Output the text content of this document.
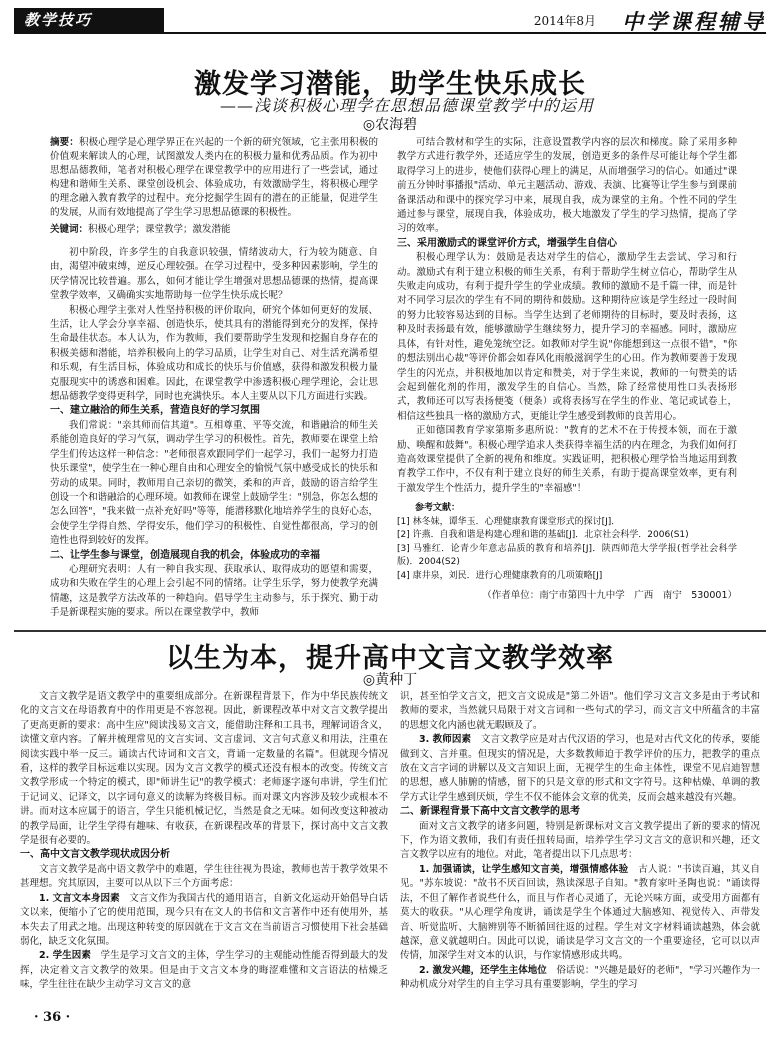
教学技巧	2014年8月 中学课程辅导
激发学习潜能，助学生快乐成长
——浅谈积极心理学在思想品德课堂教学中的运用
◎农海碧
摘要：积极心理学是心理学界正在兴起的一个新的研究领域，它主张用积极的价值观来解读人的心理，试图激发人类内在的积极力量和优秀品质。作为初中思想品德教师，笔者对积极心理学在课堂教学中的应用进行了一些尝试，通过构建和谐师生关系、课堂创设机会、体验成功，有效激励学生，将积极心理学的理念融入教育教学的过程中。充分挖掘学生固有的潜在的正能量，促进学生的发展，从而有效地提高了学生学习思想品德课的积极性。
关键词：积极心理学；课堂教学；激发潜能

初中阶段，许多学生的自我意识较强，情绪波动大，行为较为随意、自由，渴望冲破束缚，逆反心理较强。在学习过程中，受多种因素影响，学生的厌学情况比较普遍。那么，如何才能让学生增强对思想品德课的热情，提高课堂教学效率，又确确实实地帮助每一位学生快乐成长呢？

积极心理学主张对人性坚持积极的评价取向，研究个体如何更好的发展、生活，让人学会分享幸福、创造快乐，使其具有的潜能得到充分的发挥，保持生命最佳状态。本人认为，作为教师，我们要帮助学生发现和挖掘自身存在的积极美德和潜能，培养积极向上的学习品质，让学生对自己、对生活充满希望和乐观，有生活目标，体验成功和成长的快乐与价值感，获得和激发积极力量克服现实中的诱惑和困难。因此，在课堂教学中渗透积极心理学理论，会让思想品德教学变得更科学，同时也充满快乐。本人主要从以下几方面进行实践。

一、建立融洽的师生关系，营造良好的学习氛围

我们常说："亲其师而信其道"。互相尊重、平等交流，和谐融洽的师生关系能创造良好的学习气氛，调动学生学习的积极性。首先，教师要在课堂上给学生们传达这样一种信念："老师很喜欢跟同学们一起学习，我们一起努力打造快乐课堂"，使学生在一种心理自由和心理安全的愉悦气氛中感受成长的快乐和劳动的成果。同时，教师用自己亲切的微笑，柔和的声音，鼓励的语言给学生创设一个和谐融洽的心理环境。如教师在课堂上鼓励学生："别急，你怎么想的怎么回答"，"我来做一点补充好吗"等等，能潜移默化地培养学生的良好心态，会使学生学得自然、学得安乐，他们学习的积极性、自觉性都很高，学习的创造性也得到较好的发挥。

二、让学生参与课堂，创造展现自我的机会，体验成功的幸福

心理研究表明：人有一种自我实现、获取承认、取得成功的愿望和需要，成功和失败在学生的心理上会引起不同的情绪。让学生乐学，努力使教学充满情趣，这是教学方法改革的一种趋向。倡导学生主动参与，乐于探究、勤于动手是新课程实施的要求。所以在课堂教学中，教师

可结合教材和学生的实际，注意设置教学内容的层次和梯度。除了采用多种教学方式进行教学外，还适应学生的发展，创造更多的条件尽可能让每个学生都取得学习上的进步，使他们获得心理上的满足，从而增强学习的信心。如通过"课前五分钟时事播报"活动、单元主题活动、游戏、表演、比赛等让学生参与到课前备课活动和课中的探究学习中来，展现自我，成为课堂的主角。个性不同的学生通过参与课堂，展现自我，体验成功，极大地激发了学生的学习热情，提高了学习的效率。

三、采用激励式的课堂评价方式，增强学生自信心

积极心理学认为：鼓励是表达对学生的信心，激励学生去尝试、学习和行动。激励式有利于建立积极的师生关系，有利于帮助学生树立信心，帮助学生从失败走向成功，有利于提升学生的学业成绩。教师的激励不是千篇一律，而是针对不同学习层次的学生有不同的期待和鼓励。这种期待应该是学生经过一段时间的努力比较容易达到的目标。当学生达到了老师期待的目标时，要及时表扬，这种及时表扬最有效，能够激励学生继续努力，提升学习的幸福感。同时，激励应具体，有针对性，避免笼统空泛。如教师对学生说"你能想到这一点很不错"，"你的想法别出心裁"等评价都会如春风化雨般滋润学生的心田。作为教师要善于发现学生的闪光点，并积极地加以肯定和赞美，对于学生来说，教师的一句赞美的话会起到催化剂的作用，激发学生的自信心。当然，除了经常使用性口头表扬形式，教师还可以写表扬便笺（便条）或将表扬写在学生的作业、笔记或试卷上，相信这些独具一格的激励方式，更能让学生感受到教师的良苦用心。

正如德国教育学家第斯多惠所说："教育的艺术不在于传授本领，而在于激励、唤醒和鼓舞"。积极心理学追求人类获得幸福生活的内在理念，为我们如何打造高效课堂提供了全新的视角和维度。实践证明，把积极心理学恰当地运用到教育教学工作中，不仅有利于建立良好的师生关系，有助于提高课堂效率，更有利于激发学生个性活力，提升学生的"幸福感"！

参考文献：
[1] 林冬妹，谭华玉．心理健康教育课堂形式的探讨[J]．
[2] 许燕．自我和谐是构建心理和谐的基础[J]．北京社会科学．2006(S1)
[3] 马雅红．论青少年意志品质的教育和培养[J]．陕西师范大学学报(哲学社会科学版)．2004(S2)
[4] 康井泉，刘民．进行心理健康教育的几项策略[J]
（作者单位：南宁市第四十九中学　广西　南宁　530001）
以生为本，提升高中文言文教学效率
◎黄种丁

文言文教学是语文教学中的重要组成部分。在新课程背景下，作为中华民族传统文化的文言文在母语教育中的作用更是不容忽视。因此，新课程改革中对文言文教学提出了更高更新的要求：高中生应"阅读浅易文言文，能借助注释和工具书，理解词语含义，读懂文章内容。了解并梳理常见的文言实词、文言虚词、文言句式意义和用法，注重在阅读实践中举一反三。诵读古代诗词和文言文，背诵一定数量的名篇"。但就现今情况看，这样的教学目标远难以实现。因为文言文教学的模式还没有根本的改变。传统文言文教学形成一个特定的模式，即"师讲生记"的教学模式：老师逐字逐句串讲，学生们忙于记词义、记译文，以字词句意义的读解为终极目标。而对课文内容涉及较少或根本不讲。而对这本应属于的语言，学生只能机械记忆，当然是食之无味。如何改变这种被动的教学局面，让学生学得有趣味、有收获，在新课程改革的背景下，探讨高中文言文教学是很有必要的。

一、高中文言文教学现状成因分析

文言文教学是高中语文教学中的难题，学生往往视为畏途，教师也苦于教学效果不甚理想。究其原因，主要可以从以下三个方面考虑：

1. 文言文本身因素　 文言文作为我国古代的通用语言，自新文化运动开始倡导白话文以来，便缩小了它的使用范围，现今只有在文人的书信和文言著作中还有使用外，基本失去了用武之地。出现这种转变的原因就在于文言文在当前语言习惯使用下社会基础弱化，缺乏文化氛围。

2. 学生因素　 学生是学习文言文的主体，学生学习的主观能动性能否得到最大的发挥，决定着文言文教学的效果。但是由于文言文本身的晦涩难懂和文言语法的枯燥乏味，学生往往在缺少主动学习文言文的意

识，甚至怕学文言文，把文言文说成是"第二外语"。他们学习文言文多是由于考试和教师的要求，当然就只局限于对文言词和一些句式的学习，而文言文中所蕴含的丰富的思想文化内涵也就无暇顾及了。

3. 教师因素　 文言文教学应是对古代汉语的学习，也是对古代文化的传承，要能做到文、言并重。但现实的情况是，大多数教师迫于教学评价的压力，把教学的重点放在文言字词的讲解以及文言知识上面，无视学生的生命主体性，课堂不见启迪智慧的思想，感人肺腑的情感，留下的只是文章的形式和文字符号。这种枯燥、单调的教学方式让学生感到厌烦，学生不仅不能体会文章的优美，反而会越来越没有兴趣。

二、新课程背景下高中文言文教学的思考

面对文言文教学的诸多问题，特别是新课标对文言文教学提出了新的要求的情况下，作为语文教师，我们有责任扭转局面，培养学生学习文言文的意识和兴趣，还文言文教学以应有的地位。对此，笔者提出以下几点思考：

1. 加强诵读，让学生感知文言美，增强情感体验　 古人说："书读百遍，其义自见。"苏东坡说："故书不厌百回读，熟读深思子自知。"教育家叶圣陶也说："诵读得法，不但了解作者说些什么，而且与作者心灵通了，无论兴味方面，或受用方面都有莫大的收获。"从心理学角度讲，诵读是学生个体通过大脑感知、视觉传入、声带发音、听觉监听、大脑辨别等不断循回往返的过程。学生对文字材料诵读越熟，体会就越深，意义就越明白。因此可以说，诵读是学习文言文的一个重要途径，它可以以声传情，加深学生对文本的认识，与作家情感形成共鸣。

2. 激发兴趣，还学生主体地位　 俗话说："兴趣是最好的老师"，"学习兴趣作为一种动机成分对学生的自主学习具有重要影响，学生的学习

· 36 ·
